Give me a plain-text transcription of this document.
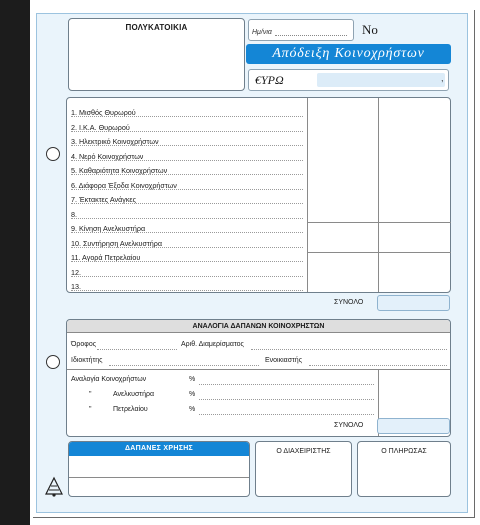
ΠΟΛΥΚΑΤΟΙΚΙΑ
Ημ/νια	Νο
Απόδειξη Κοινοχρήστων
€ΥΡΩ	,
1. Μισθός Θυρωρού
2. Ι.Κ.Α. Θυρωρού
3. Ηλεκτρικό Κοινοχρήστων
4. Νερό Κοινοχρήστων
5. Καθαριότητα Κοινοχρήστων
6. Διάφορα Έξοδα Κοινοχρήστων
7. Έκτακτες Ανάγκες
8.
9. Κίνηση Ανελκυστήρα
10. Συντήρηση Ανελκυστήρα
11. Αγορά Πετρελαίου
12.
13.
ΣΥΝΟΛΟ
ΑΝΑΛΟΓΙΑ ΔΑΠΑΝΩΝ ΚΟΙΝΟΧΡΗΣΤΩΝ
Όροφος	Αριθ. Διαμερίσματος
Ιδιοκτήτης	Ενοικιαστής
Αναλογία Κοινοχρήστων	%
"	Ανελκυστήρα	%
"	Πετρελαίου	%
ΣΥΝΟΛΟ
ΔΑΠΑΝΕΣ ΧΡΗΣΗΣ	Ο ΔΙΑΧΕΙΡΙΣΤΗΣ	Ο ΠΛΗΡΩΣΑΣ
